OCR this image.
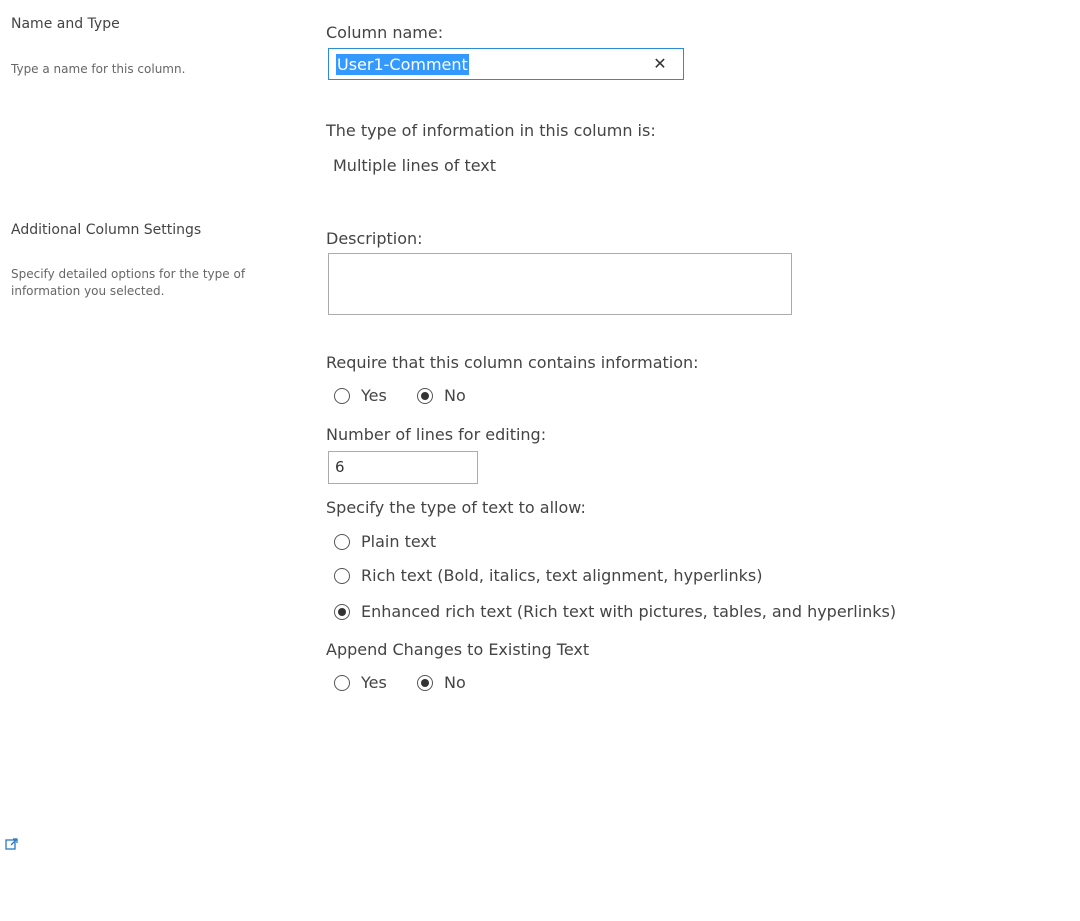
Name and Type
Type a name for this column.
Additional Column Settings
Specify detailed options for the type of information you selected.
Column name:
User1-Comment	✕
The type of information in this column is:
Multiple lines of text
Description:
Require that this column contains information:
Yes	No
Number of lines for editing:
6
Specify the type of text to allow:
Plain text
Rich text (Bold, italics, text alignment, hyperlinks)
Enhanced rich text (Rich text with pictures, tables, and hyperlinks)
Append Changes to Existing Text
Yes	No
